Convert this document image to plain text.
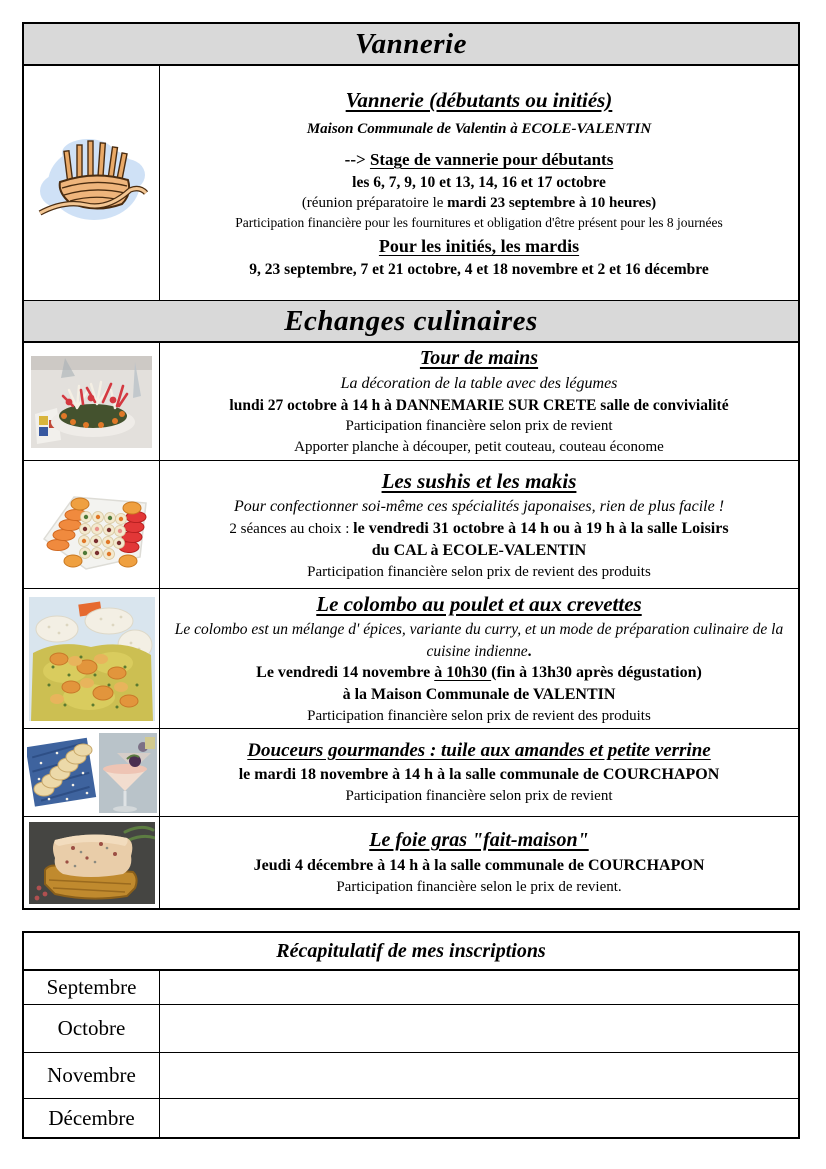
Vannerie
Vannerie (débutants ou initiés)
Maison Communale de Valentin à ECOLE-VALENTIN
--> Stage de vannerie pour débutants
les 6, 7, 9, 10 et 13, 14, 16 et 17 octobre
(réunion préparatoire le mardi 23 septembre à 10 heures)
Participation financière pour les fournitures et obligation d'être présent pour les 8 journées
Pour les initiés, les mardis
9, 23 septembre, 7 et 21 octobre, 4 et 18 novembre et 2 et 16 décembre
Echanges culinaires
Tour de mains
La décoration de la table avec des légumes
lundi 27 octobre à 14 h à DANNEMARIE SUR CRETE salle de convivialité
Participation financière selon prix de revient
Apporter planche à découper, petit couteau, couteau économe
Les sushis et les makis
Pour confectionner soi-même ces spécialités japonaises, rien de plus facile !
2 séances au choix : le vendredi 31 octobre à 14 h ou à 19 h à la salle Loisirs
du CAL à ECOLE-VALENTIN
Participation financière selon prix de revient des produits
Le colombo au poulet et aux crevettes
Le colombo est un mélange d' épices, variante du curry, et un mode de préparation culinaire de la cuisine indienne.
Le vendredi 14 novembre à 10h30 (fin à 13h30 après dégustation)
à la Maison Communale de VALENTIN
Participation financière selon prix de revient des produits
Douceurs gourmandes : tuile aux amandes et petite verrine
le mardi 18 novembre à 14 h à la salle communale de COURCHAPON
Participation financière selon prix de revient
Le foie gras "fait-maison"
Jeudi 4 décembre à 14 h à la salle communale de COURCHAPON
Participation financière selon le prix de revient.
Récapitulatif de mes inscriptions
Septembre
Octobre
Novembre
Décembre
